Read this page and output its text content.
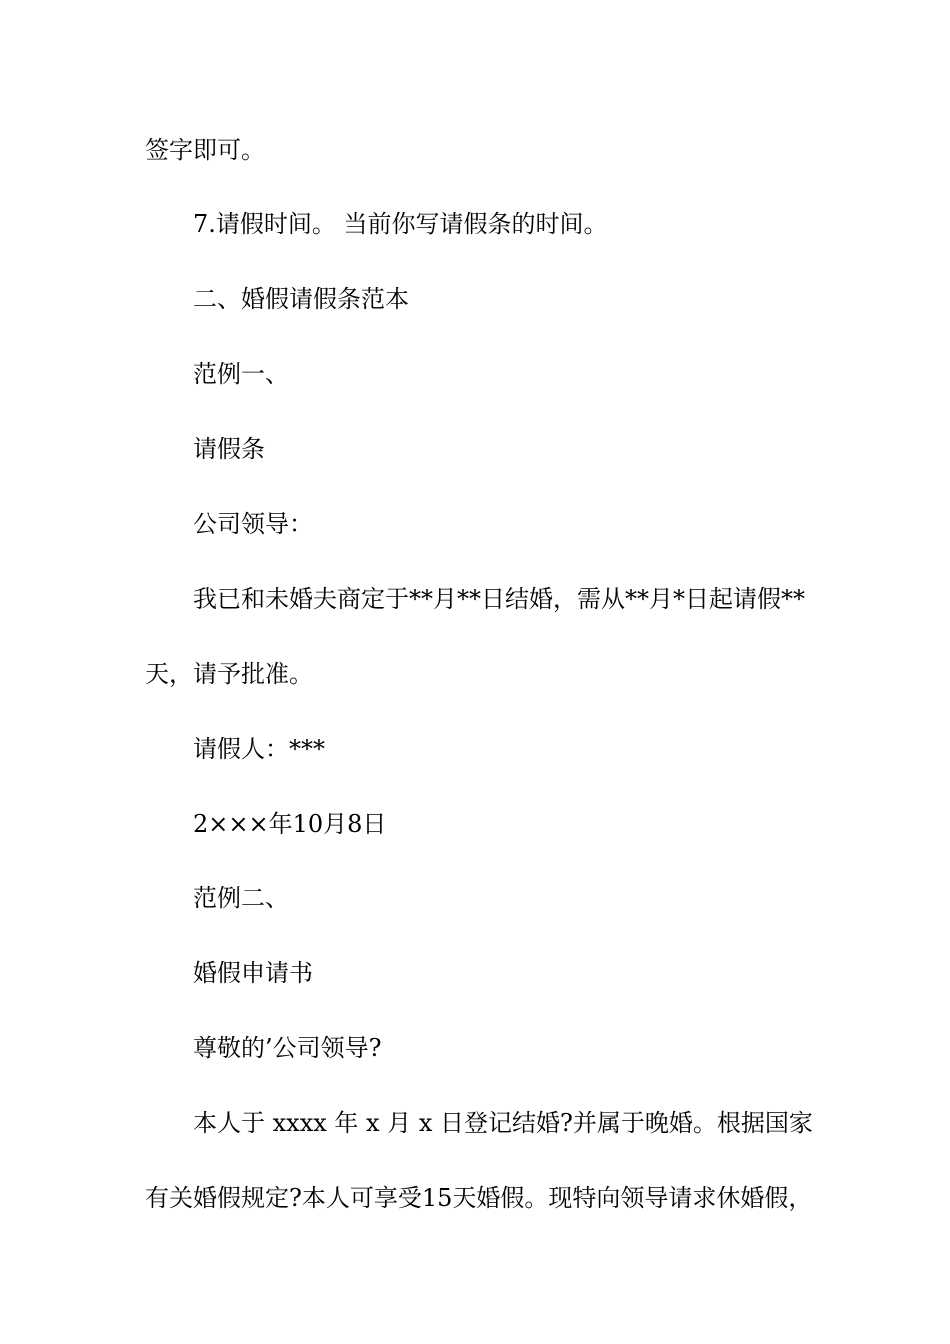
签字即可。
7.请假时间。 当前你写请假条的时间。
二、婚假请假条范本
范例一、
请假条
公司领导：
我已和未婚夫商定于**月**日结婚，需从**月*日起请假**
天，请予批准。
请假人：***
2×××年10月8日
范例二、
婚假申请书
尊敬的’公司领导?
本人于 xxxx 年 x 月 x 日登记结婚?并属于晚婚。根据国家
有关婚假规定?本人可享受15天婚假。现特向领导请求休婚假，
